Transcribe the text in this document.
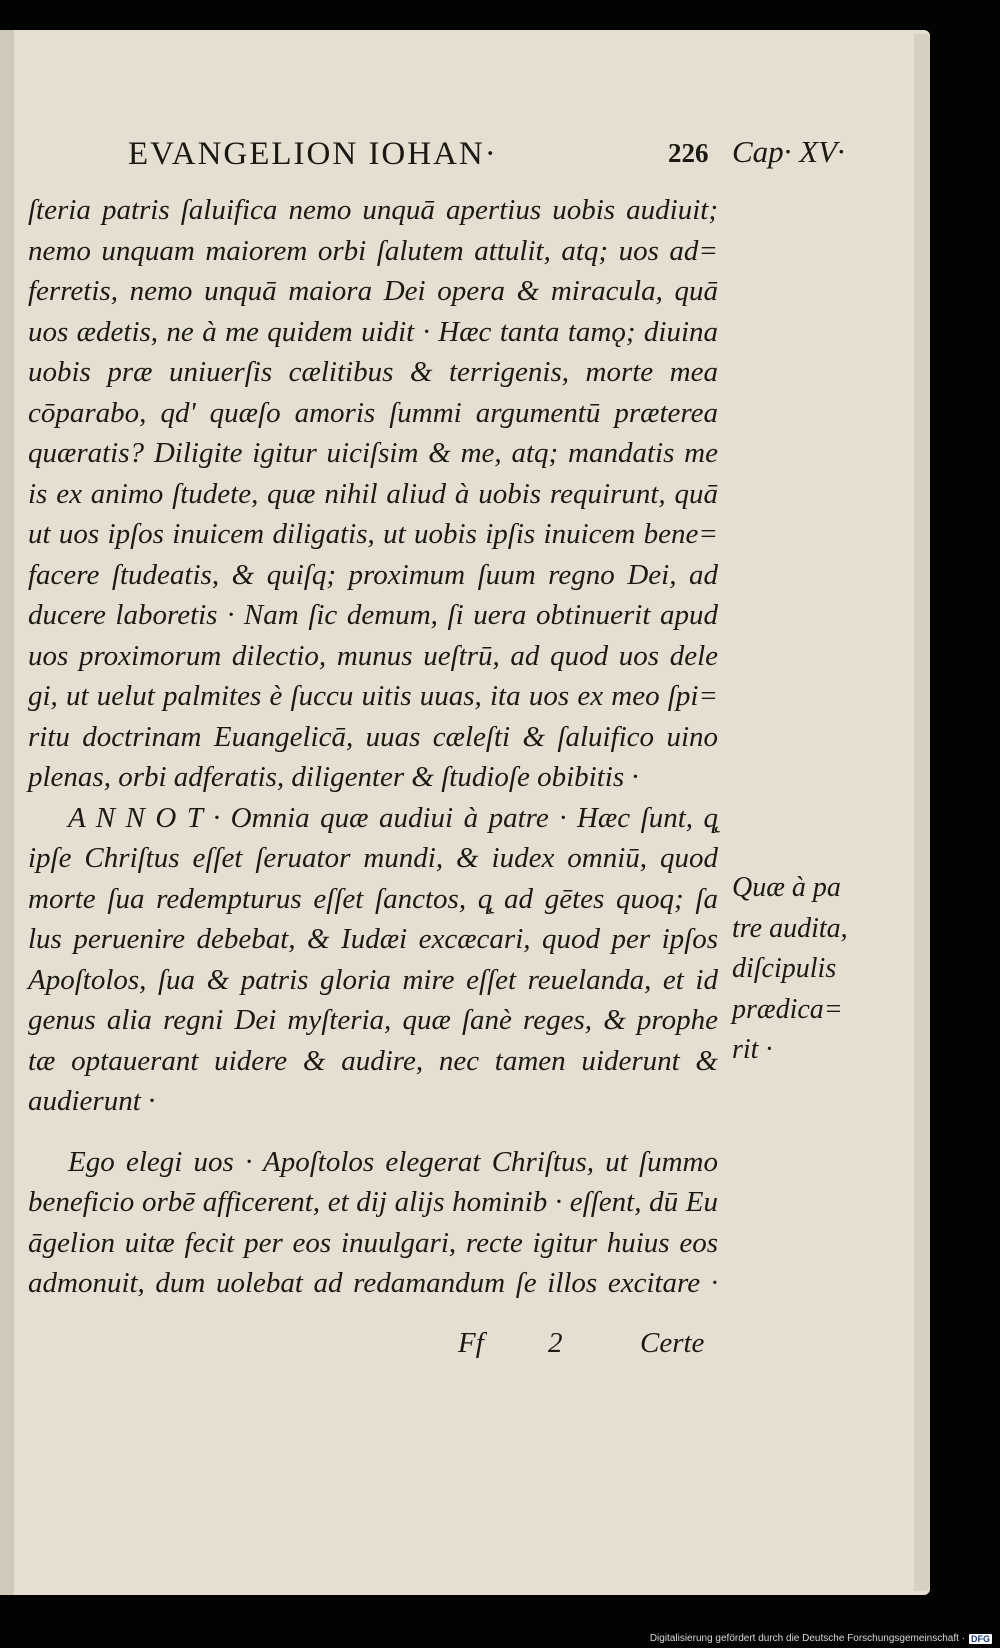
EVANGELION IOHAN·	226 Cap· XV·
ſteria patris ſaluifica nemo unquā apertius uobis audiuit;
nemo unquam maiorem orbi ſalutem attulit, atq; uos ad=
ferretis, nemo unquā maiora Dei opera & miracula, quā
uos ædetis, ne à me quidem uidit · Hæc tanta tamǫ; diuina
uobis præ uniuerſis cælitibus & terrigenis, morte mea
cōparabo, qd' quæſo amoris ſummi argumentū præterea
quæratis? Diligite igitur uiciſsim & me, atq; mandatis me
is ex animo ſtudete, quæ nihil aliud à uobis requirunt, quā
ut uos ipſos inuicem diligatis, ut uobis ipſis inuicem bene=
facere ſtudeatis, & quiſq; proximum ſuum regno Dei, ad
ducere laboretis · Nam ſic demum, ſi uera obtinuerit apud
uos proximorum dilectio, munus ueſtrū, ad quod uos dele
gi, ut uelut palmites è ſuccu uitis uuas, ita uos ex meo ſpi=
ritu doctrinam Euangelicā, uuas cæleſti & ſaluifico uino
plenas, orbi adferatis, diligenter & ſtudioſe obibitis ·
A N N O T · Omnia quæ audiui à patre · Hæc ſunt, q̨
ipſe Chriſtus eſſet ſeruator mundi, & iudex omniū, quod
morte ſua redempturus eſſet ſanctos, q̨ ad gētes quoq; ſa
lus peruenire debebat, & Iudæi excæcari, quod per ipſos
Apoſtolos, ſua & patris gloria mire eſſet reuelanda, et id
genus alia regni Dei myſteria, quæ ſanè reges, & prophe
tæ optauerant uidere & audire, nec tamen uiderunt &
audierunt ·
Ego elegi uos · Apoſtolos elegerat Chriſtus, ut ſummo
beneficio orbē afficerent, et dij alijs hominib · eſſent, dū Eu
āgelion uitæ fecit per eos inuulgari, recte igitur huius eos
admonuit, dum uolebat ad redamandum ſe illos excitare ·
Quæ à pa
tre audita,
diſcipulis
prædica=
rit ·
Ff 2	Certe
Digitalisierung gefördert durch die Deutsche Forschungsgemeinschaft · DFG
